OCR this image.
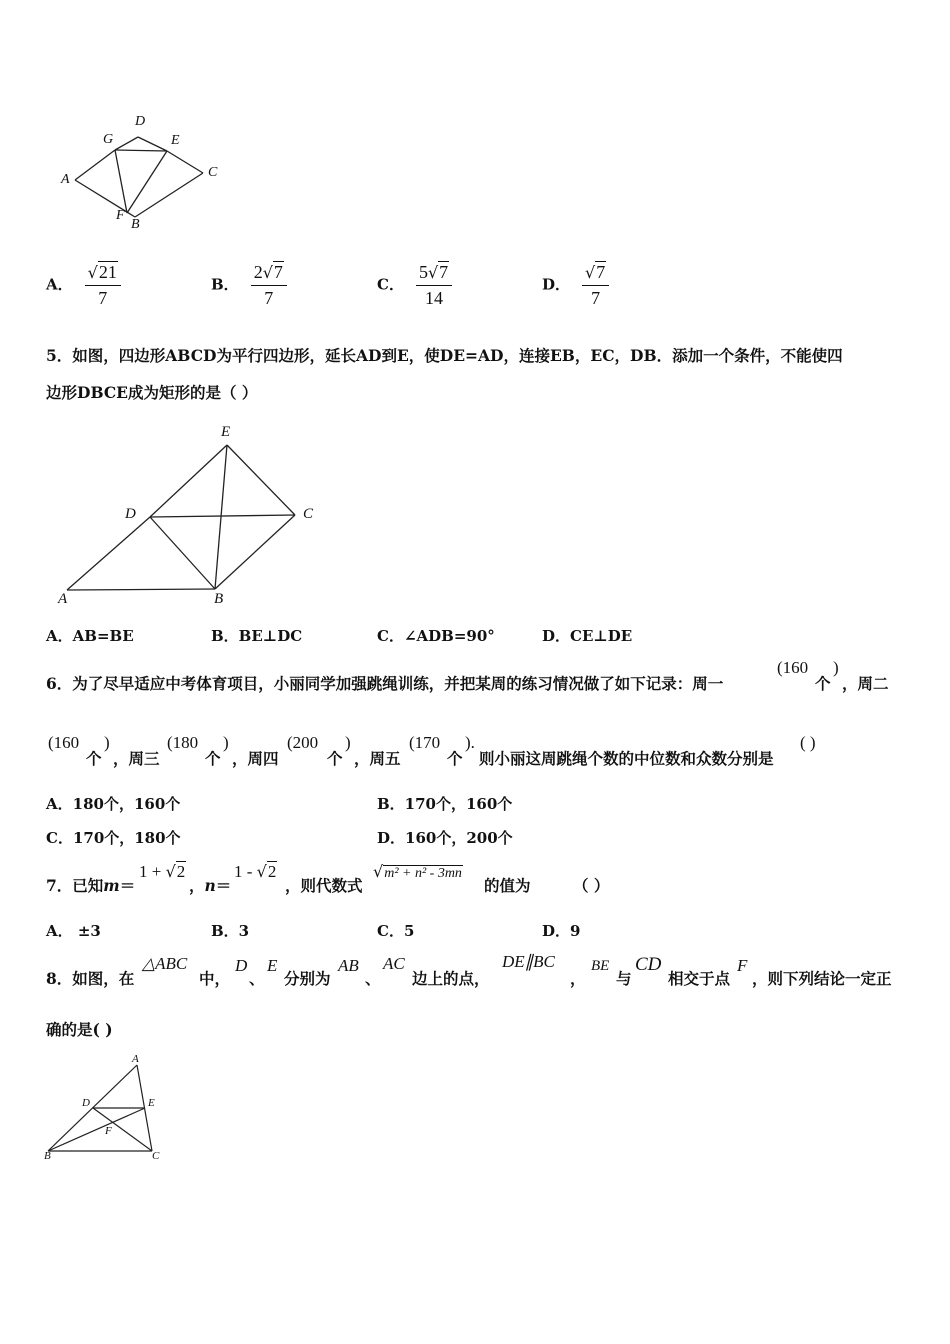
D
G	E
A	C
F
B
A． $\frac{√21}{7}$	B． $\frac{2√7}{7}$	C． $\frac{5√7}{14}$	D． $\frac{√7}{7}$
5．如图，四边形ABCD为平行四边形，延长AD到E，使DE=AD，连接EB，EC，DB．添加一个条件，不能使四
边形DBCE成为矩形的是（ ）
E
D	C
A	B
A．AB=BE	B．BE⊥DC	C．∠ADB=90°	D．CE⊥DE
6．为了尽早适应中考体育项目，小丽同学加强跳绳训练，并把某周的练习情况做了如下记录：周一
(160
个
)
，周二
(160
个
)
，周三
(180
个
)
，周四
(200
个
)
，周五
(170
个
).
则小丽这周跳绳个数的中位数和众数分别是
( )
A．180个，160个	B．170个，160个
C．170个，180个	D．160个，200个
7．已知m＝
1 + √2
，n＝
1 - √2
，则代数式
√m² + n² - 3mn
的值为	（ ）
A． ±3	B．3	C．5	D．9
8．如图，在
△ABC
中，
D
、
E
分别为
AB
、
AC
边上的点，
DE∥BC
，
BE
与
CD
相交于点
F
，则下列结论一定正
确的是( )
A
D	E
F
B	C
